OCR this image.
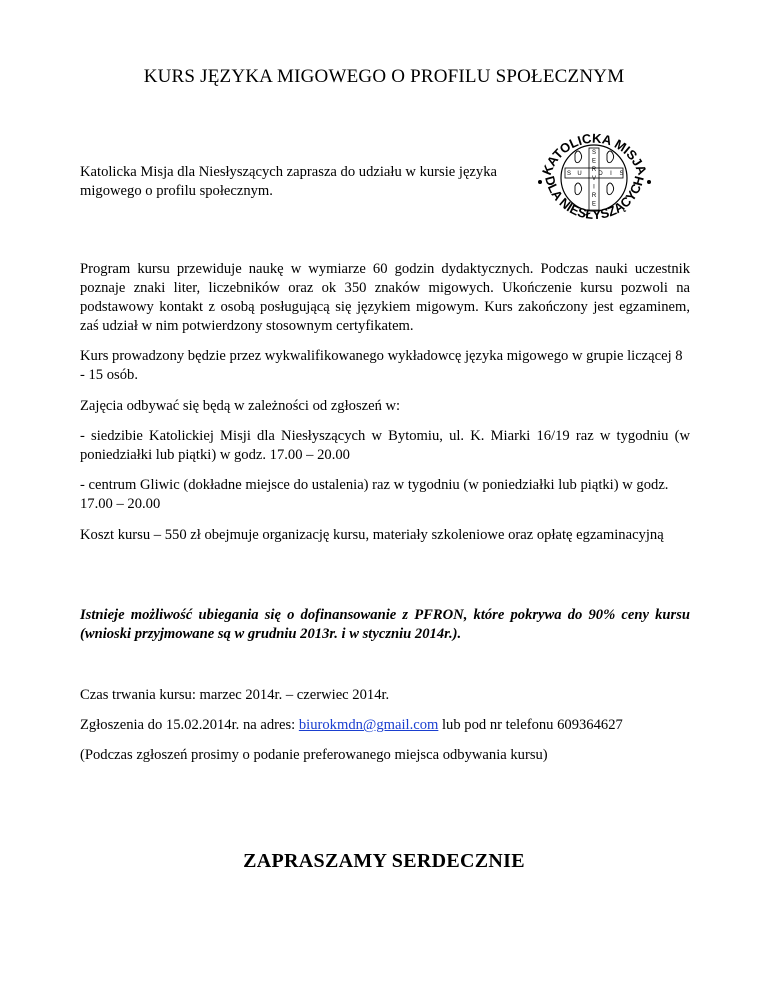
KURS JĘZYKA MIGOWEGO O PROFILU SPOŁECZNYM
Katolicka Misja dla Niesłyszących zaprasza do udziału w kursie języka migowego o profilu społecznym.
KATOLICKA MISJA
DLA NIESŁYSZĄCYCH
S
E
R
V
I
R
E
S U	D I S
Program kursu przewiduje naukę w wymiarze 60 godzin dydaktycznych. Podczas nauki uczestnik poznaje znaki liter, liczebników oraz ok 350 znaków migowych. Ukończenie kursu pozwoli na podstawowy kontakt z osobą posługującą się językiem migowym. Kurs zakończony jest egzaminem, zaś udział w nim potwierdzony stosownym certyfikatem.
Kurs prowadzony będzie przez wykwalifikowanego wykładowcę języka migowego w grupie liczącej 8 - 15 osób.
Zajęcia odbywać się będą w zależności od zgłoszeń w:
- siedzibie Katolickiej Misji dla Niesłyszących w Bytomiu, ul. K. Miarki 16/19 raz w tygodniu (w poniedziałki lub piątki) w godz. 17.00 – 20.00
- centrum Gliwic (dokładne miejsce do ustalenia) raz w tygodniu (w poniedziałki lub piątki) w godz. 17.00 – 20.00
Koszt kursu – 550 zł obejmuje organizację kursu, materiały szkoleniowe oraz opłatę egzaminacyjną
Istnieje możliwość ubiegania się o dofinansowanie z PFRON, które pokrywa do 90% ceny kursu (wnioski przyjmowane są w grudniu 2013r. i w styczniu 2014r.).
Czas trwania kursu: marzec 2014r. – czerwiec 2014r.
Zgłoszenia do 15.02.2014r. na adres: biurokmdn@gmail.com lub pod nr telefonu 609364627
(Podczas zgłoszeń prosimy o podanie preferowanego miejsca odbywania kursu)
ZAPRASZAMY SERDECZNIE
